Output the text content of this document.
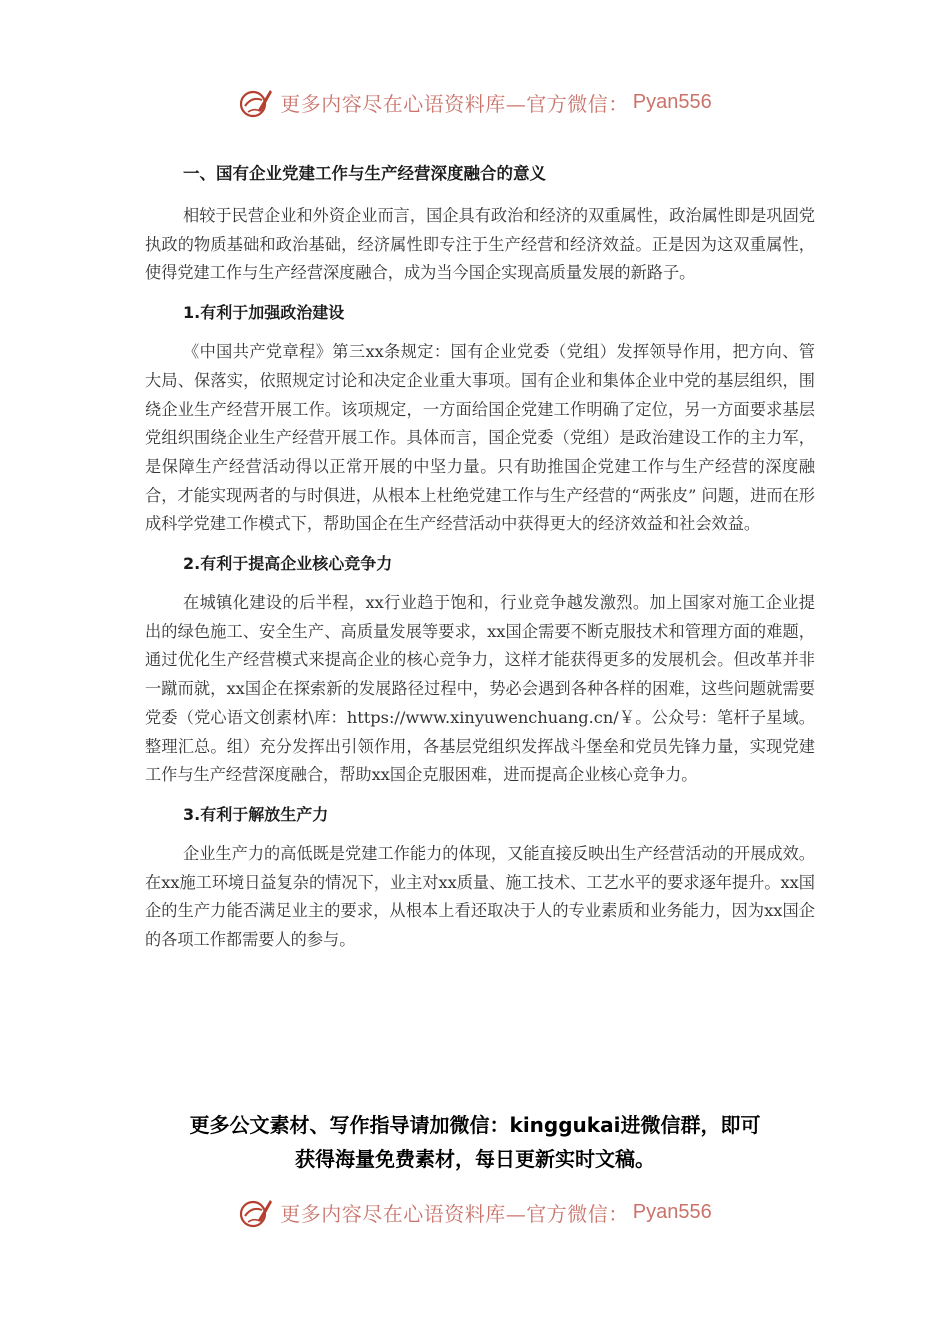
更多内容尽在心语资料库—官方微信： Pyan556
一、国有企业党建工作与生产经营深度融合的意义

相较于民营企业和外资企业而言，国企具有政治和经济的双重属性，政治属性即是巩固党执政的物质基础和政治基础，经济属性即专注于生产经营和经济效益。正是因为这双重属性，使得党建工作与生产经营深度融合，成为当今国企实现高质量发展的新路子。

1.有利于加强政治建设

《中国共产党章程》第三xx条规定：国有企业党委（党组）发挥领导作用，把方向、管大局、保落实，依照规定讨论和决定企业重大事项。国有企业和集体企业中党的基层组织，围绕企业生产经营开展工作。该项规定，一方面给国企党建工作明确了定位，另一方面要求基层党组织围绕企业生产经营开展工作。具体而言，国企党委（党组）是政治建设工作的主力军，是保障生产经营活动得以正常开展的中坚力量。只有助推国企党建工作与生产经营的深度融合，才能实现两者的与时俱进，从根本上杜绝党建工作与生产经营的“两张皮” 问题，进而在形成科学党建工作模式下，帮助国企在生产经营活动中获得更大的经济效益和社会效益。

2.有利于提高企业核心竞争力

在城镇化建设的后半程，xx行业趋于饱和，行业竞争越发激烈。加上国家对施工企业提出的绿色施工、安全生产、高质量发展等要求，xx国企需要不断克服技术和管理方面的难题，通过优化生产经营模式来提高企业的核心竞争力，这样才能获得更多的发展机会。但改革并非一蹴而就，xx国企在探索新的发展路径过程中，势必会遇到各种各样的困难，这些问题就需要党委（党心语文创素材\库：https://www.xinyuwenchuang.cn/￥。公众号：笔杆子星域。整理汇总。组）充分发挥出引领作用，各基层党组织发挥战斗堡垒和党员先锋力量，实现党建工作与生产经营深度融合，帮助xx国企克服困难，进而提高企业核心竞争力。

3.有利于解放生产力

企业生产力的高低既是党建工作能力的体现，又能直接反映出生产经营活动的开展成效。在xx施工环境日益复杂的情况下，业主对xx质量、施工技术、工艺水平的要求逐年提升。xx国企的生产力能否满足业主的要求，从根本上看还取决于人的专业素质和业务能力，因为xx国企的各项工作都需要人的参与。

更多公文素材、写作指导请加微信：kinggukai进微信群，即可
获得海量免费素材，每日更新实时文稿。
更多内容尽在心语资料库—官方微信： Pyan556
